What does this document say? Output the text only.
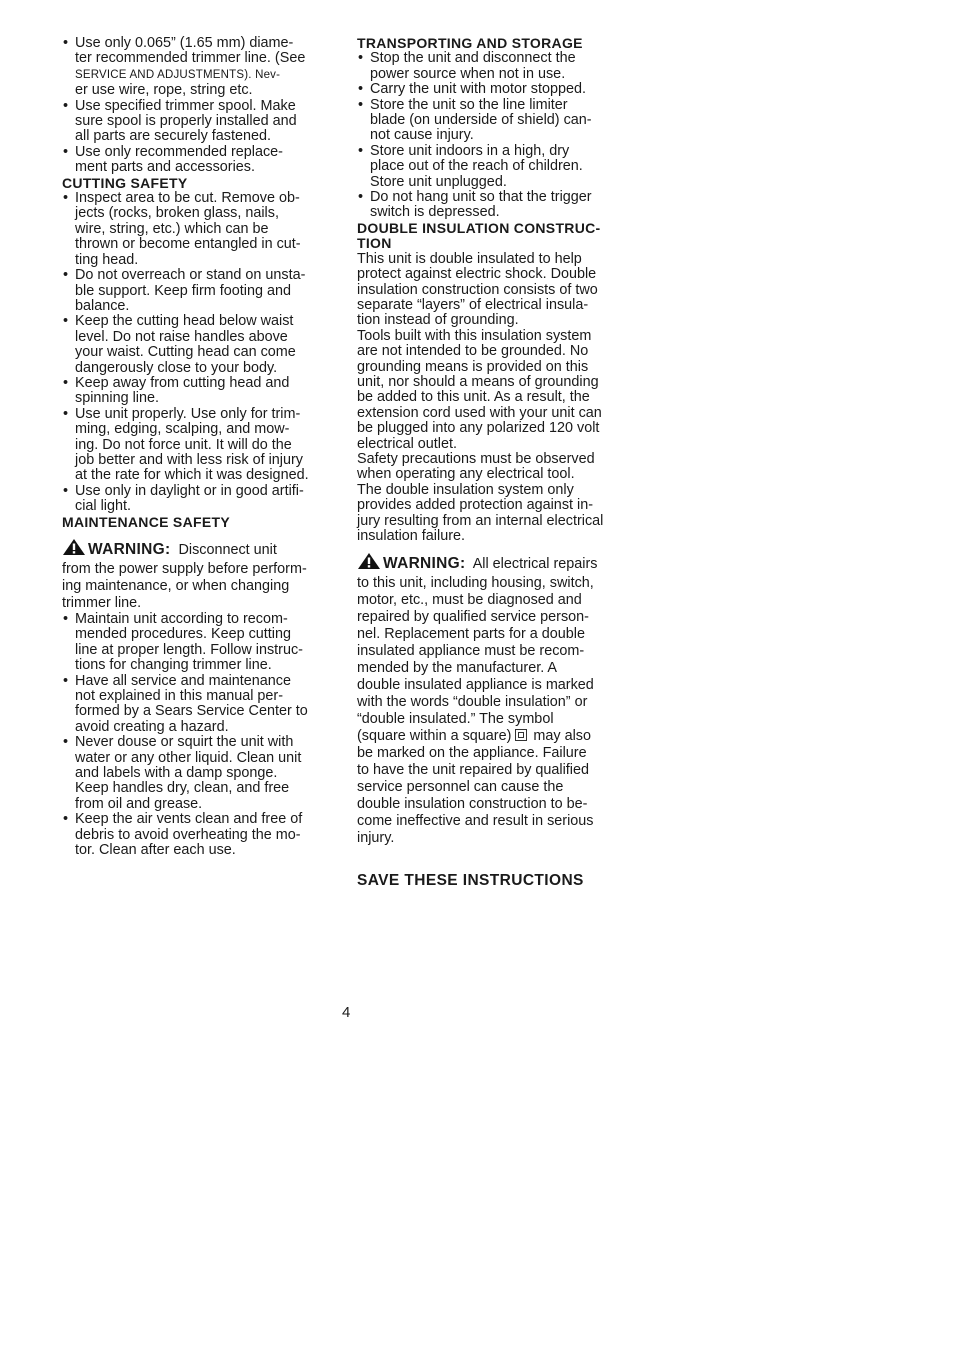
• Use only 0.065” (1.65 mm) diame-
ter recommended trimmer line. (See
SERVICE AND ADJUSTMENTS). Nev-
er use wire, rope, string etc.
• Use specified trimmer spool. Make
sure spool is properly installed and
all parts are securely fastened.
• Use only recommended replace-
ment parts and accessories.
CUTTING SAFETY
• Inspect area to be cut. Remove ob-
jects (rocks, broken glass, nails,
wire, string, etc.) which can be
thrown or become entangled in cut-
ting head.
• Do not overreach or stand on unsta-
ble support. Keep firm footing and
balance.
• Keep the cutting head below waist
level. Do not raise handles above
your waist. Cutting head can come
dangerously close to your body.
• Keep away from cutting head and
spinning line.
• Use unit properly. Use only for trim-
ming, edging, scalping, and mow-
ing. Do not force unit. It will do the
job better and with less risk of injury
at the rate for which it was designed.
• Use only in daylight or in good artifi-
cial light.
MAINTENANCE SAFETY
WARNING: Disconnect unit
from the power supply before perform-
ing maintenance, or when changing
trimmer line.
• Maintain unit according to recom-
mended procedures. Keep cutting
line at proper length. Follow instruc-
tions for changing trimmer line.
• Have all service and maintenance
not explained in this manual per-
formed by a Sears Service Center to
avoid creating a hazard.
• Never douse or squirt the unit with
water or any other liquid. Clean unit
and labels with a damp sponge.
Keep handles dry, clean, and free
from oil and grease.
• Keep the air vents clean and free of
debris to avoid overheating the mo-
tor. Clean after each use.
TRANSPORTING AND STORAGE
• Stop the unit and disconnect the
power source when not in use.
• Carry the unit with motor stopped.
• Store the unit so the line limiter
blade (on underside of shield) can-
not cause injury.
• Store unit indoors in a high, dry
place out of the reach of children.
Store unit unplugged.
• Do not hang unit so that the trigger
switch is depressed.
DOUBLE INSULATION CONSTRUC-
TION

This unit is double insulated to help
protect against electric shock. Double
insulation construction consists of two
separate “layers” of electrical insula-
tion instead of grounding.

Tools built with this insulation system
are not intended to be grounded. No
grounding means is provided on this
unit, nor should a means of grounding
be added to this unit. As a result, the
extension cord used with your unit can
be plugged into any polarized 120 volt
electrical outlet.

Safety precautions must be observed
when operating any electrical tool.
The double insulation system only
provides added protection against in-
jury resulting from an internal electrical
insulation failure.

WARNING: All electrical repairs
to this unit, including housing, switch,
motor, etc., must be diagnosed and
repaired by qualified service person-
nel. Replacement parts for a double
insulated appliance must be recom-
mended by the manufacturer. A
double insulated appliance is marked
with the words “double insulation” or
“double insulated.” The symbol
(square within a square) may also
be marked on the appliance. Failure
to have the unit repaired by qualified
service personnel can cause the
double insulation construction to be-
come ineffective and result in serious
injury.
SAVE THESE INSTRUCTIONS
4
